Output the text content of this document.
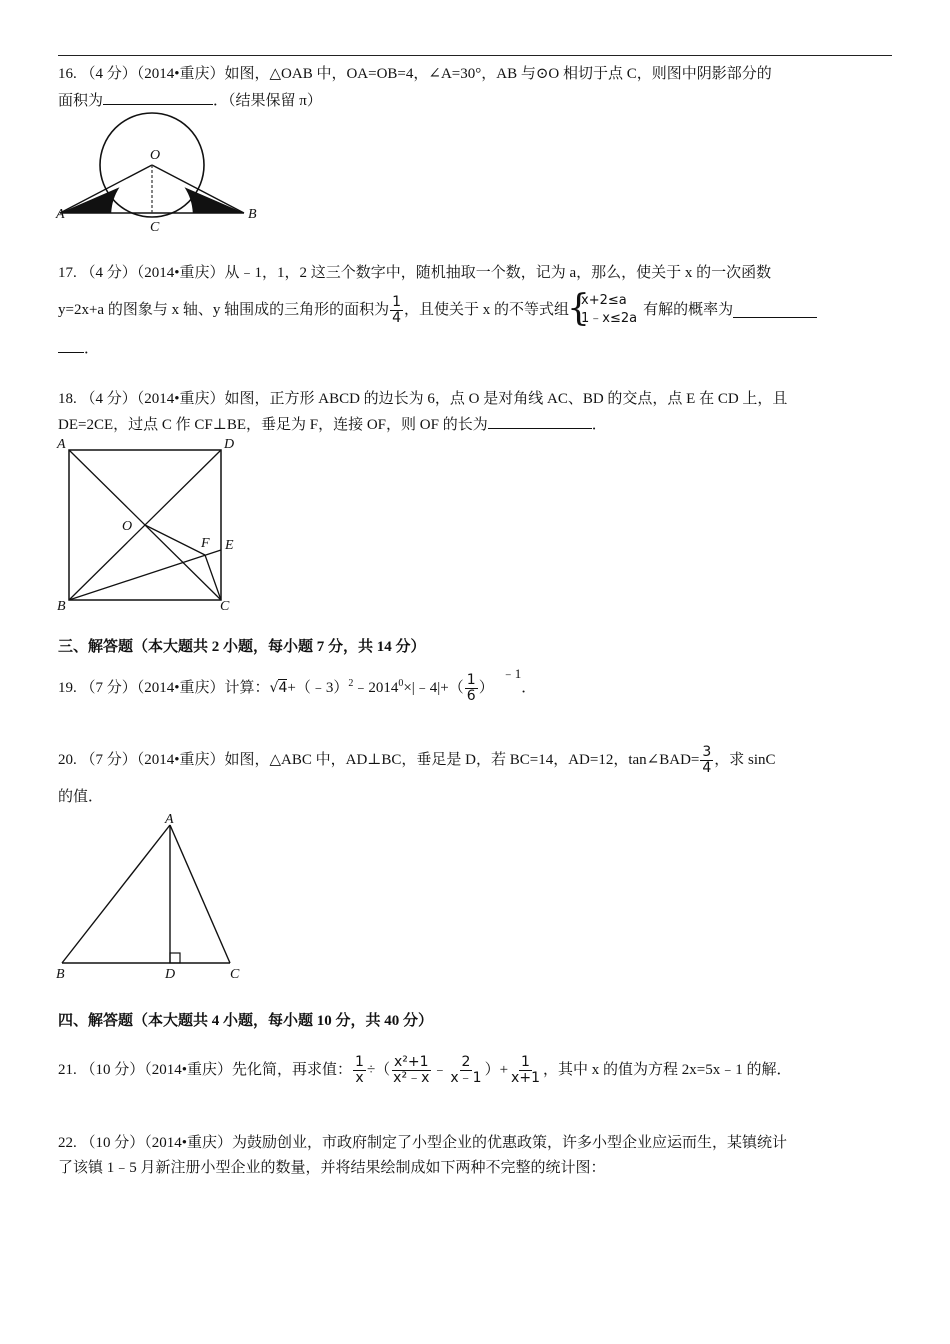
16. （4 分）（2014•重庆）如图，△OAB 中，OA=OB=4，∠A=30°，AB 与⊙O 相切于点 C，则图中阴影部分的
面积为	．（结果保留 π）
O
A	B
C
17. （4 分）（2014•重庆）从﹣1，1，2 这三个数字中，随机抽取一个数，记为 a，那么，使关于 x 的一次函数
y=2x+a 的图象与 x 轴、y 轴围成的三角形的面积为 $\frac{1}{4}$ ，且使关于 x 的不等式组
{
x+2≤a
1﹣x≤2a
有解的概率为
．
18. （4 分）（2014•重庆）如图，正方形 ABCD 的边长为 6，点 O 是对角线 AC、BD 的交点，点 E 在 CD 上，且
DE=2CE，过点 C 作 CF⊥BE，垂足为 F，连接 OF，则 OF 的长为	．
A	D
B	C
O
E
F
三、解答题（本大题共 2 小题，每小题 7 分，共 14 分）
19. （7 分）（2014•重庆）计算： √4 +（﹣3）$^2$ $﹣2014^0$ ×|﹣4|+（ $\frac{1}{6}$ ）
﹣1
．
20. （7 分）（2014•重庆）如图，△ABC 中，AD⊥BC，垂足是 D，若 BC=14，AD=12，tan∠BAD= $\frac{3}{4}$ ，求 sinC
的值．
A
B	D	C
四、解答题（本大题共 4 小题，每小题 10 分，共 40 分）
21. （10 分）（2014•重庆）先化简，再求值： $\frac{1}{x}$ ÷（ $\frac{\text{x²+1}}{\text{x²﹣x}}$ ﹣ $\frac{2}{x﹣1}$ ）+ $\frac{1}{x+1}$ ，其中 x 的值为方程 2x=5x﹣1 的解．
22. （10 分）（2014•重庆）为鼓励创业，市政府制定了小型企业的优惠政策，许多小型企业应运而生，某镇统计
了该镇 1﹣5 月新注册小型企业的数量，并将结果绘制成如下两种不完整的统计图：
